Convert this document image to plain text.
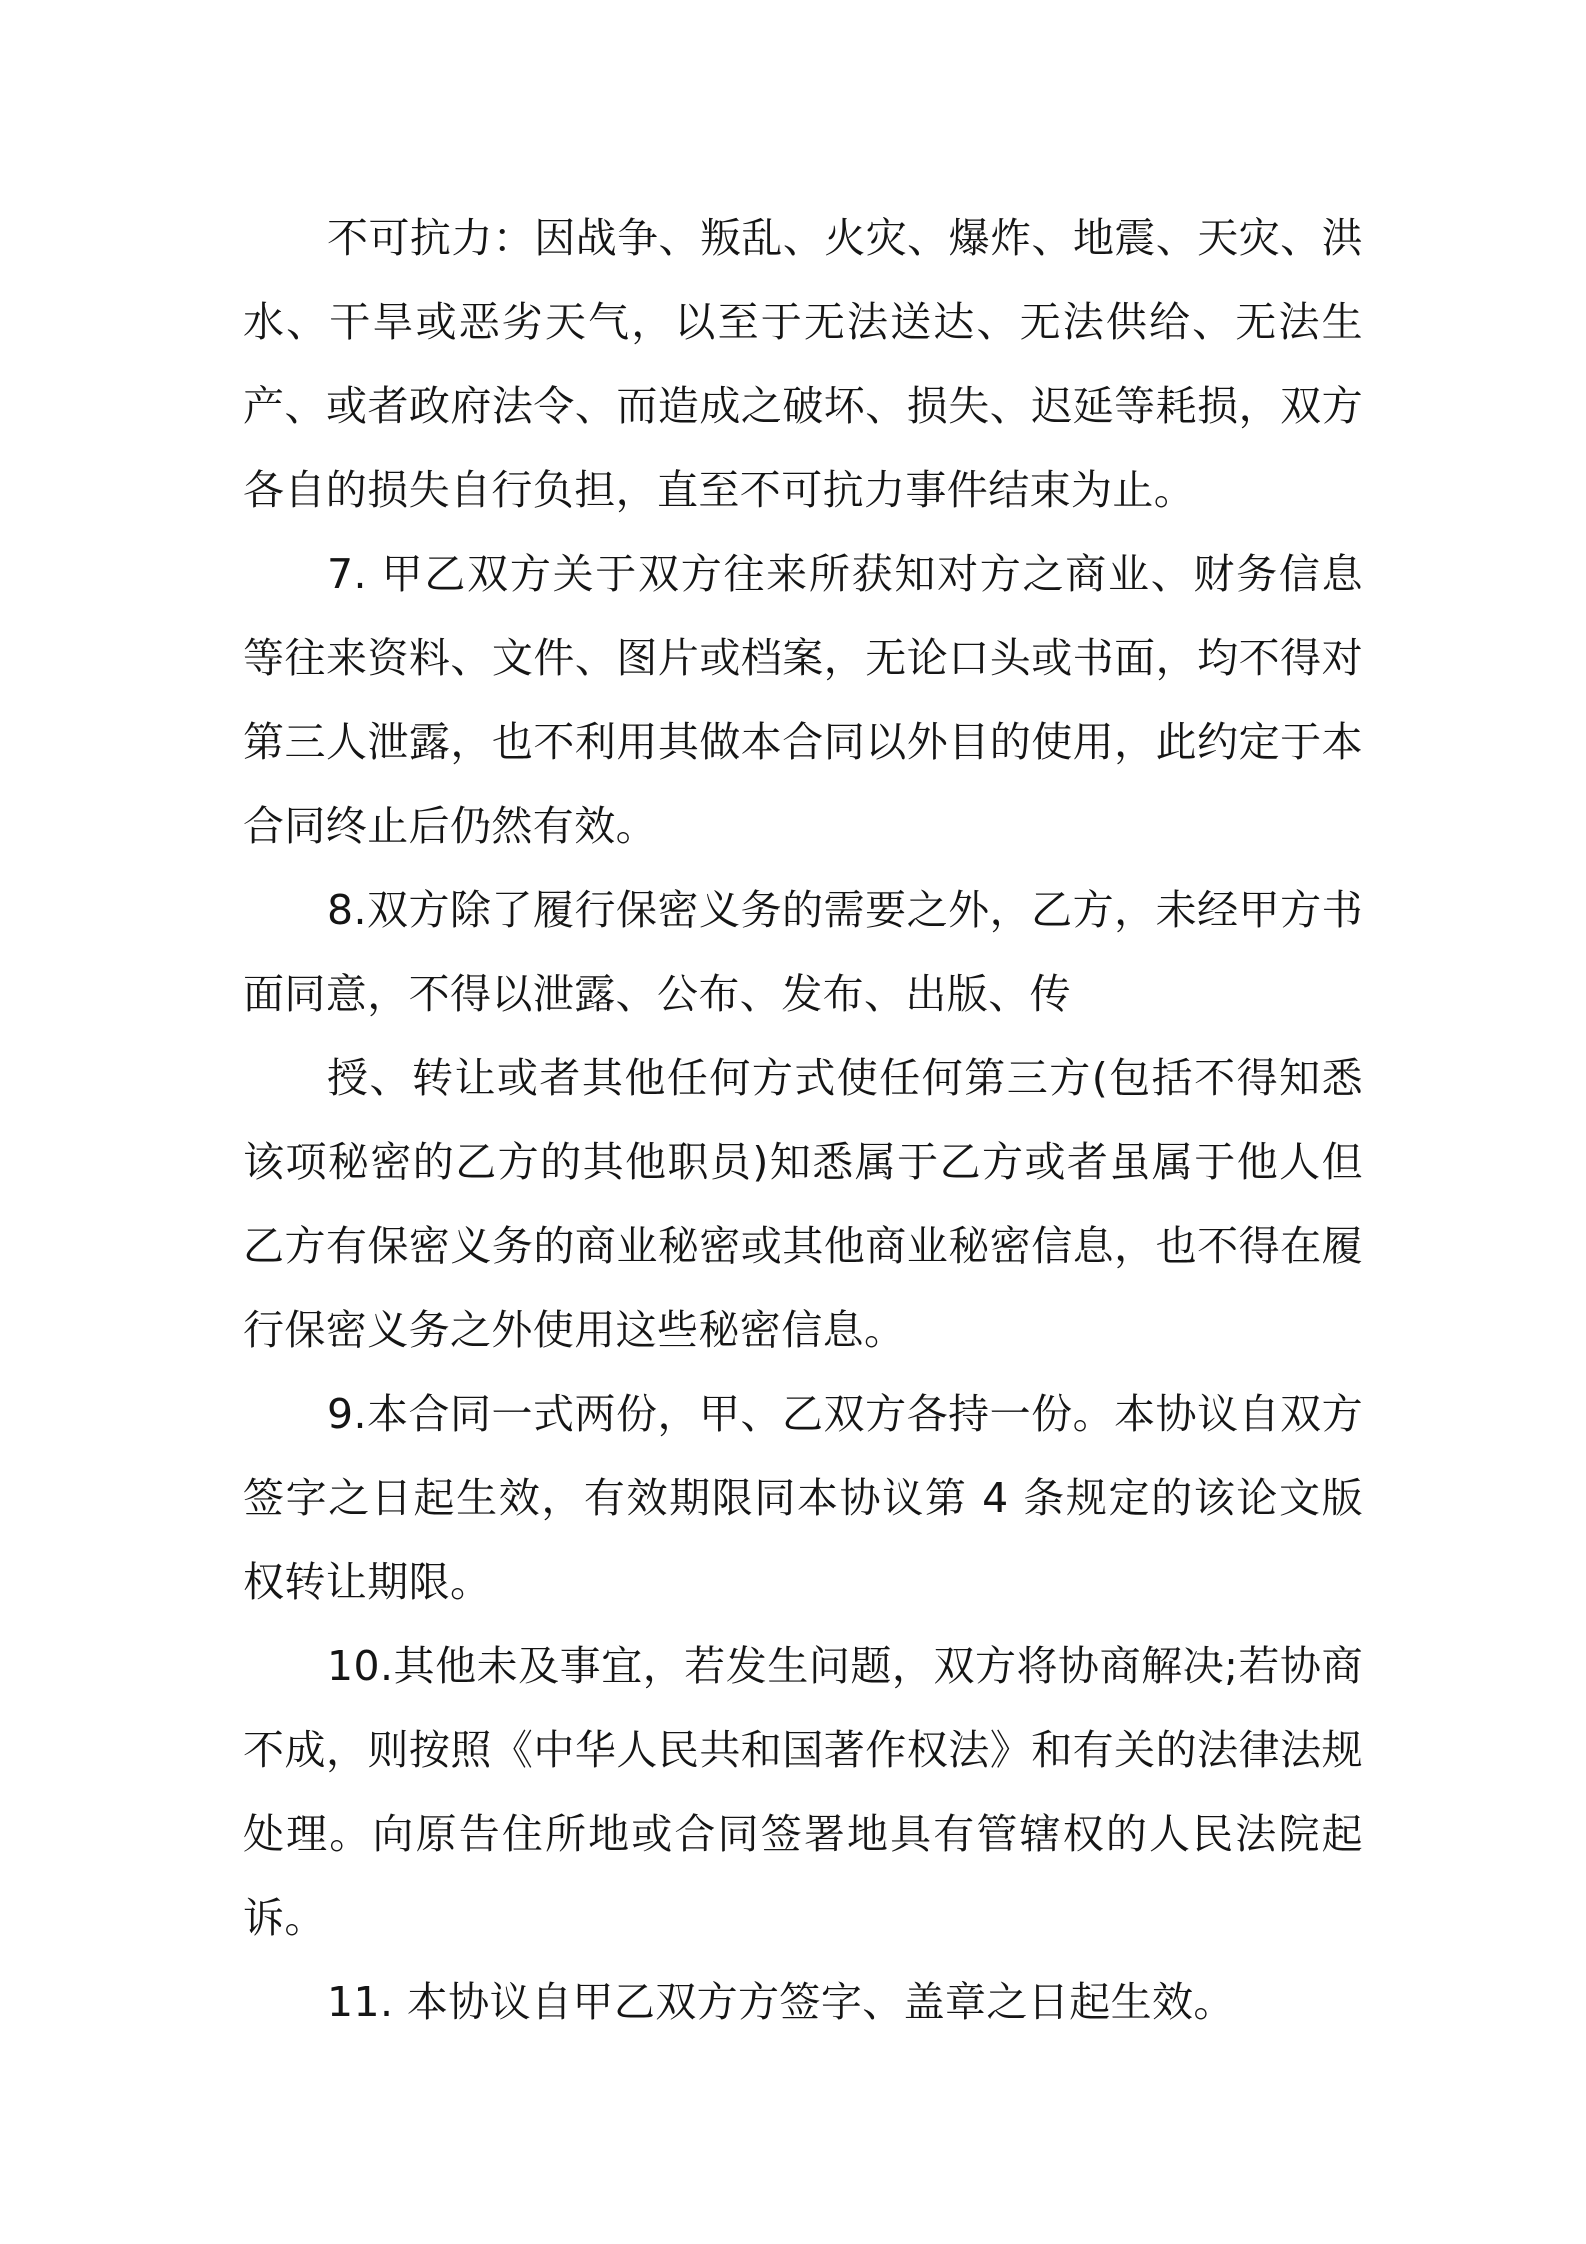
不可抗力：因战争、叛乱、火灾、爆炸、地震、天灾、洪水、干旱或恶劣天气，以至于无法送达、无法供给、无法生产、或者政府法令、而造成之破坏、损失、迟延等耗损，双方各自的损失自行负担，直至不可抗力事件结束为止。

7. 甲乙双方关于双方往来所获知对方之商业、财务信息等往来资料、文件、图片或档案，无论口头或书面，均不得对第三人泄露，也不利用其做本合同以外目的使用，此约定于本合同终止后仍然有效。

8.双方除了履行保密义务的需要之外，乙方，未经甲方书面同意，不得以泄露、公布、发布、出版、传

授、转让或者其他任何方式使任何第三方(包括不得知悉该项秘密的乙方的其他职员)知悉属于乙方或者虽属于他人但乙方有保密义务的商业秘密或其他商业秘密信息，也不得在履行保密义务之外使用这些秘密信息。

9.本合同一式两份，甲、乙双方各持一份。本协议自双方签字之日起生效，有效期限同本协议第 4 条规定的该论文版权转让期限。

10.其他未及事宜，若发生问题，双方将协商解决;若协商不成，则按照《中华人民共和国著作权法》和有关的法律法规处理。向原告住所地或合同签署地具有管辖权的人民法院起诉。

11. 本协议自甲乙双方方签字、盖章之日起生效。
